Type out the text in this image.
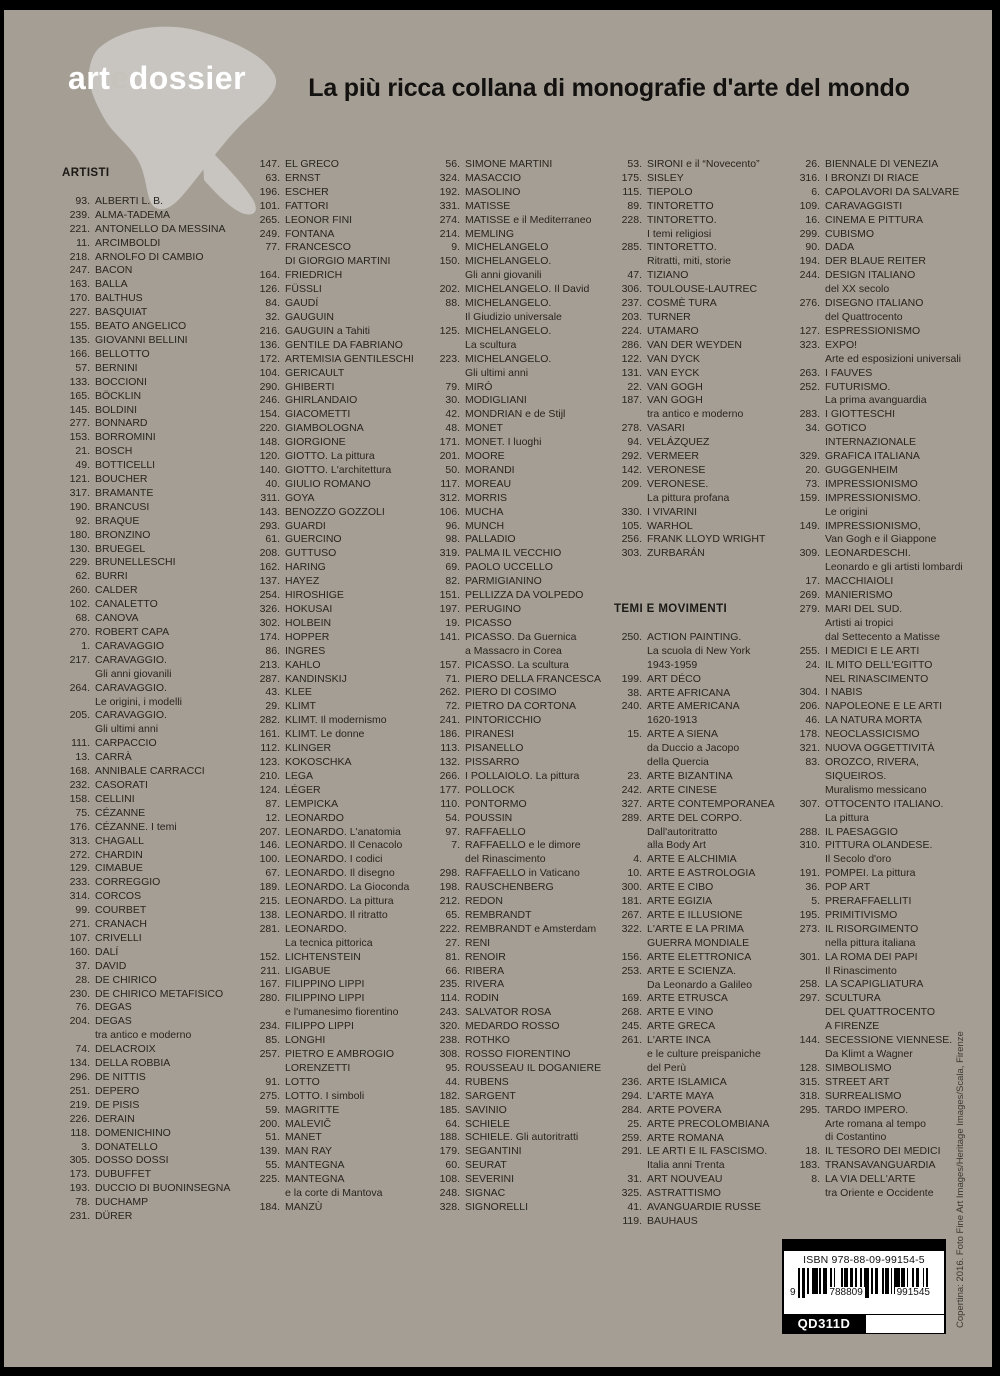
artedossier	La più ricca collana di monografie d'arte del mondo
ARTISTI
93. ALBERTI L. B.
239. ALMA-TADEMA
221. ANTONELLO DA MESSINA
11. ARCIMBOLDI
218. ARNOLFO DI CAMBIO
247. BACON
163. BALLA
170. BALTHUS
227. BASQUIAT
155. BEATO ANGELICO
135. GIOVANNI BELLINI
166. BELLOTTO
57. BERNINI
133. BOCCIONI
165. BÖCKLIN
145. BOLDINI
277. BONNARD
153. BORROMINI
21. BOSCH
49. BOTTICELLI
121. BOUCHER
317. BRAMANTE
190. BRANCUSI
92. BRAQUE
180. BRONZINO
130. BRUEGEL
229. BRUNELLESCHI
62. BURRI
260. CALDER
102. CANALETTO
68. CANOVA
270. ROBERT CAPA
1. CARAVAGGIO
217. CARAVAGGIO.
Gli anni giovanili
264. CARAVAGGIO.
Le origini, i modelli
205. CARAVAGGIO.
Gli ultimi anni
111. CARPACCIO
13. CARRÀ
168. ANNIBALE CARRACCI
232. CASORATI
158. CELLINI
75. CÉZANNE
176. CÉZANNE. I temi
313. CHAGALL
272. CHARDIN
129. CIMABUE
233. CORREGGIO
314. CORCOS
99. COURBET
271. CRANACH
107. CRIVELLI
160. DALÍ
37. DAVID
28. DE CHIRICO
230. DE CHIRICO METAFISICO
76. DEGAS
204. DEGAS
tra antico e moderno
74. DELACROIX
134. DELLA ROBBIA
296. DE NITTIS
251. DEPERO
219. DE PISIS
226. DERAIN
118. DOMENICHINO
3. DONATELLO
305. DOSSO DOSSI
173. DUBUFFET
193. DUCCIO DI BUONINSEGNA
78. DUCHAMP
231. DÜRER
147. EL GRECO
63. ERNST
196. ESCHER
101. FATTORI
265. LEONOR FINI
249. FONTANA
77. FRANCESCO
DI GIORGIO MARTINI
164. FRIEDRICH
126. FÜSSLI
84. GAUDÍ
32. GAUGUIN
216. GAUGUIN a Tahiti
136. GENTILE DA FABRIANO
172. ARTEMISIA GENTILESCHI
104. GERICAULT
290. GHIBERTI
246. GHIRLANDAIO
154. GIACOMETTI
220. GIAMBOLOGNA
148. GIORGIONE
120. GIOTTO. La pittura
140. GIOTTO. L'architettura
40. GIULIO ROMANO
311. GOYA
143. BENOZZO GOZZOLI
293. GUARDI
61. GUERCINO
208. GUTTUSO
162. HARING
137. HAYEZ
254. HIROSHIGE
326. HOKUSAI
302. HOLBEIN
174. HOPPER
86. INGRES
213. KAHLO
287. KANDINSKIJ
43. KLEE
29. KLIMT
282. KLIMT. Il modernismo
161. KLIMT. Le donne
112. KLINGER
123. KOKOSCHKA
210. LEGA
124. LÉGER
87. LEMPICKA
12. LEONARDO
207. LEONARDO. L'anatomia
146. LEONARDO. Il Cenacolo
100. LEONARDO. I codici
67. LEONARDO. Il disegno
189. LEONARDO. La Gioconda
215. LEONARDO. La pittura
138. LEONARDO. Il ritratto
281. LEONARDO.
La tecnica pittorica
152. LICHTENSTEIN
211. LIGABUE
167. FILIPPINO LIPPI
280. FILIPPINO LIPPI
e l'umanesimo fiorentino
234. FILIPPO LIPPI
85. LONGHI
257. PIETRO E AMBROGIO
LORENZETTI
91. LOTTO
275. LOTTO. I simboli
59. MAGRITTE
200. MALEVIČ
51. MANET
139. MAN RAY
55. MANTEGNA
225. MANTEGNA
e la corte di Mantova
184. MANZÙ
56. SIMONE MARTINI
324. MASACCIO
192. MASOLINO
331. MATISSE
274. MATISSE e il Mediterraneo
214. MEMLING
9. MICHELANGELO
150. MICHELANGELO.
Gli anni giovanili
202. MICHELANGELO. Il David
88. MICHELANGELO.
Il Giudizio universale
125. MICHELANGELO.
La scultura
223. MICHELANGELO.
Gli ultimi anni
79. MIRÓ
30. MODIGLIANI
42. MONDRIAN e de Stijl
48. MONET
171. MONET. I luoghi
201. MOORE
50. MORANDI
117. MOREAU
312. MORRIS
106. MUCHA
96. MUNCH
98. PALLADIO
319. PALMA IL VECCHIO
69. PAOLO UCCELLO
82. PARMIGIANINO
151. PELLIZZA DA VOLPEDO
197. PERUGINO
19. PICASSO
141. PICASSO. Da Guernica
a Massacro in Corea
157. PICASSO. La scultura
71. PIERO DELLA FRANCESCA
262. PIERO DI COSIMO
72. PIETRO DA CORTONA
241. PINTORICCHIO
186. PIRANESI
113. PISANELLO
132. PISSARRO
266. I POLLAIOLO. La pittura
177. POLLOCK
110. PONTORMO
54. POUSSIN
97. RAFFAELLO
7. RAFFAELLO e le dimore
del Rinascimento
298. RAFFAELLO in Vaticano
198. RAUSCHENBERG
212. REDON
65. REMBRANDT
222. REMBRANDT e Amsterdam
27. RENI
81. RENOIR
66. RIBERA
235. RIVERA
114. RODIN
243. SALVATOR ROSA
320. MEDARDO ROSSO
238. ROTHKO
308. ROSSO FIORENTINO
95. ROUSSEAU IL DOGANIERE
44. RUBENS
182. SARGENT
185. SAVINIO
64. SCHIELE
188. SCHIELE. Gli autoritratti
179. SEGANTINI
60. SEURAT
108. SEVERINI
248. SIGNAC
328. SIGNORELLI
53. SIRONI e il “Novecento”
175. SISLEY
115. TIEPOLO
89. TINTORETTO
228. TINTORETTO.
I temi religiosi
285. TINTORETTO.
Ritratti, miti, storie
47. TIZIANO
306. TOULOUSE-LAUTREC
237. COSMÈ TURA
203. TURNER
224. UTAMARO
286. VAN DER WEYDEN
122. VAN DYCK
131. VAN EYCK
22. VAN GOGH
187. VAN GOGH
tra antico e moderno
278. VASARI
94. VELÁZQUEZ
292. VERMEER
142. VERONESE
209. VERONESE.
La pittura profana
330. I VIVARINI
105. WARHOL
256. FRANK LLOYD WRIGHT
303. ZURBARÁN
TEMI E MOVIMENTI
250. ACTION PAINTING.
La scuola di New York
1943-1959
199. ART DÉCO
38. ARTE AFRICANA
240. ARTE AMERICANA
1620-1913
15. ARTE A SIENA
da Duccio a Jacopo
della Quercia
23. ARTE BIZANTINA
242. ARTE CINESE
327. ARTE CONTEMPORANEA
289. ARTE DEL CORPO.
Dall'autoritratto
alla Body Art
4. ARTE E ALCHIMIA
10. ARTE E ASTROLOGIA
300. ARTE E CIBO
181. ARTE EGIZIA
267. ARTE E ILLUSIONE
322. L'ARTE E LA PRIMA
GUERRA MONDIALE
156. ARTE ELETTRONICA
253. ARTE E SCIENZA.
Da Leonardo a Galileo
169. ARTE ETRUSCA
268. ARTE E VINO
245. ARTE GRECA
261. L'ARTE INCA
e le culture preispaniche
del Perù
236. ARTE ISLAMICA
294. L'ARTE MAYA
284. ARTE POVERA
25. ARTE PRECOLOMBIANA
259. ARTE ROMANA
291. LE ARTI E IL FASCISMO.
Italia anni Trenta
31. ART NOUVEAU
325. ASTRATTISMO
41. AVANGUARDIE RUSSE
119. BAUHAUS
26. BIENNALE DI VENEZIA
316. I BRONZI DI RIACE
6. CAPOLAVORI DA SALVARE
109. CARAVAGGISTI
16. CINEMA E PITTURA
299. CUBISMO
90. DADA
194. DER BLAUE REITER
244. DESIGN ITALIANO
del XX secolo
276. DISEGNO ITALIANO
del Quattrocento
127. ESPRESSIONISMO
323. EXPO!
Arte ed esposizioni universali
263. I FAUVES
252. FUTURISMO.
La prima avanguardia
283. I GIOTTESCHI
34. GOTICO
INTERNAZIONALE
329. GRAFICA ITALIANA
20. GUGGENHEIM
73. IMPRESSIONISMO
159. IMPRESSIONISMO.
Le origini
149. IMPRESSIONISMO,
Van Gogh e il Giappone
309. LEONARDESCHI.
Leonardo e gli artisti lombardi
17. MACCHIAIOLI
269. MANIERISMO
279. MARI DEL SUD.
Artisti ai tropici
dal Settecento a Matisse
255. I MEDICI E LE ARTI
24. IL MITO DELL'EGITTO
NEL RINASCIMENTO
304. I NABIS
206. NAPOLEONE E LE ARTI
46. LA NATURA MORTA
178. NEOCLASSICISMO
321. NUOVA OGGETTIVITÀ
83. OROZCO, RIVERA,
SIQUEIROS.
Muralismo messicano
307. OTTOCENTO ITALIANO.
La pittura
288. IL PAESAGGIO
310. PITTURA OLANDESE.
Il Secolo d'oro
191. POMPEI. La pittura
36. POP ART
5. PRERAFFAELLITI
195. PRIMITIVISMO
273. IL RISORGIMENTO
nella pittura italiana
301. LA ROMA DEI PAPI
Il Rinascimento
258. LA SCAPIGLIATURA
297. SCULTURA
DEL QUATTROCENTO
A FIRENZE
144. SECESSIONE VIENNESE.
Da Klimt a Wagner
128. SIMBOLISMO
315. STREET ART
318. SURREALISMO
295. TARDO IMPERO.
Arte romana al tempo
di Costantino
18. IL TESORO DEI MEDICI
183. TRANSAVANGUARDIA
8. LA VIA DELL'ARTE
tra Oriente e Occidente
ISBN 978-88-09-99154-5
9	788809	991545
QD311D	Copertina: 2016. Foto Fine Art Images/Heritage Images/Scala, Firenze
